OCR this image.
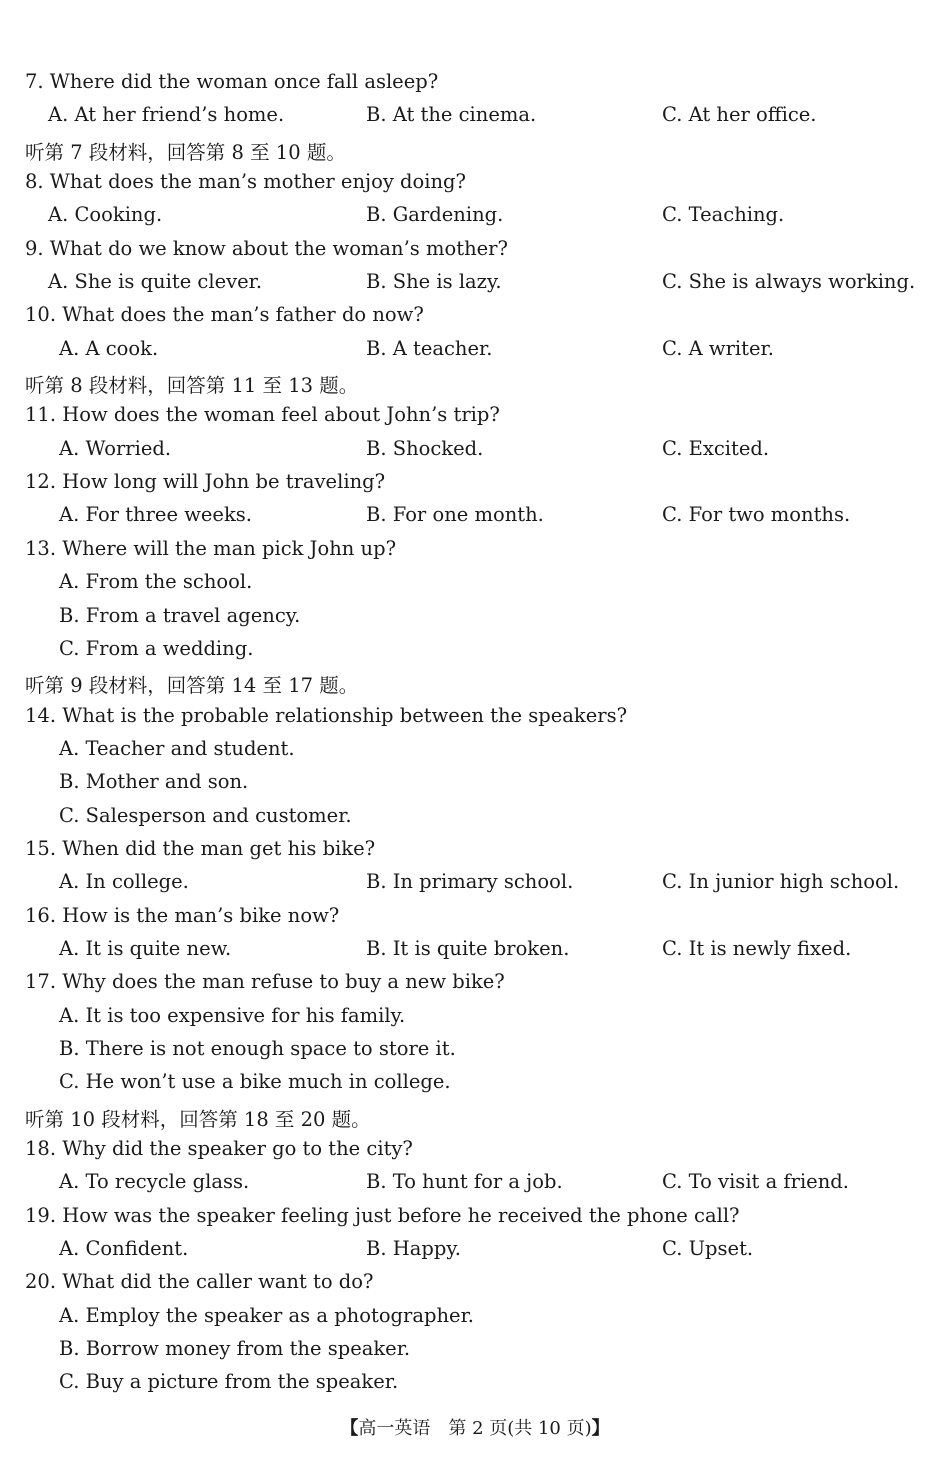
7. Where did the woman once fall asleep?
A. At her friend’s home.	B. At the cinema.	C. At her office.
听第 7 段材料，回答第 8 至 10 题。
8. What does the man’s mother enjoy doing?
A. Cooking.	B. Gardening.	C. Teaching.
9. What do we know about the woman’s mother?
A. She is quite clever.	B. She is lazy.	C. She is always working.
10. What does the man’s father do now?
A. A cook.	B. A teacher.	C. A writer.
听第 8 段材料，回答第 11 至 13 题。
11. How does the woman feel about John’s trip?
A. Worried.	B. Shocked.	C. Excited.
12. How long will John be traveling?
A. For three weeks.	B. For one month.	C. For two months.
13. Where will the man pick John up?
A. From the school.
B. From a travel agency.
C. From a wedding.
听第 9 段材料，回答第 14 至 17 题。
14. What is the probable relationship between the speakers?
A. Teacher and student.
B. Mother and son.
C. Salesperson and customer.
15. When did the man get his bike?
A. In college.	B. In primary school.	C. In junior high school.
16. How is the man’s bike now?
A. It is quite new.	B. It is quite broken.	C. It is newly fixed.
17. Why does the man refuse to buy a new bike?
A. It is too expensive for his family.
B. There is not enough space to store it.
C. He won’t use a bike much in college.
听第 10 段材料，回答第 18 至 20 题。
18. Why did the speaker go to the city?
A. To recycle glass.	B. To hunt for a job.	C. To visit a friend.
19. How was the speaker feeling just before he received the phone call?
A. Confident.	B. Happy.	C. Upset.
20. What did the caller want to do?
A. Employ the speaker as a photographer.
B. Borrow money from the speaker.
C. Buy a picture from the speaker.
【高一英语　第 2 页(共 10 页)】
